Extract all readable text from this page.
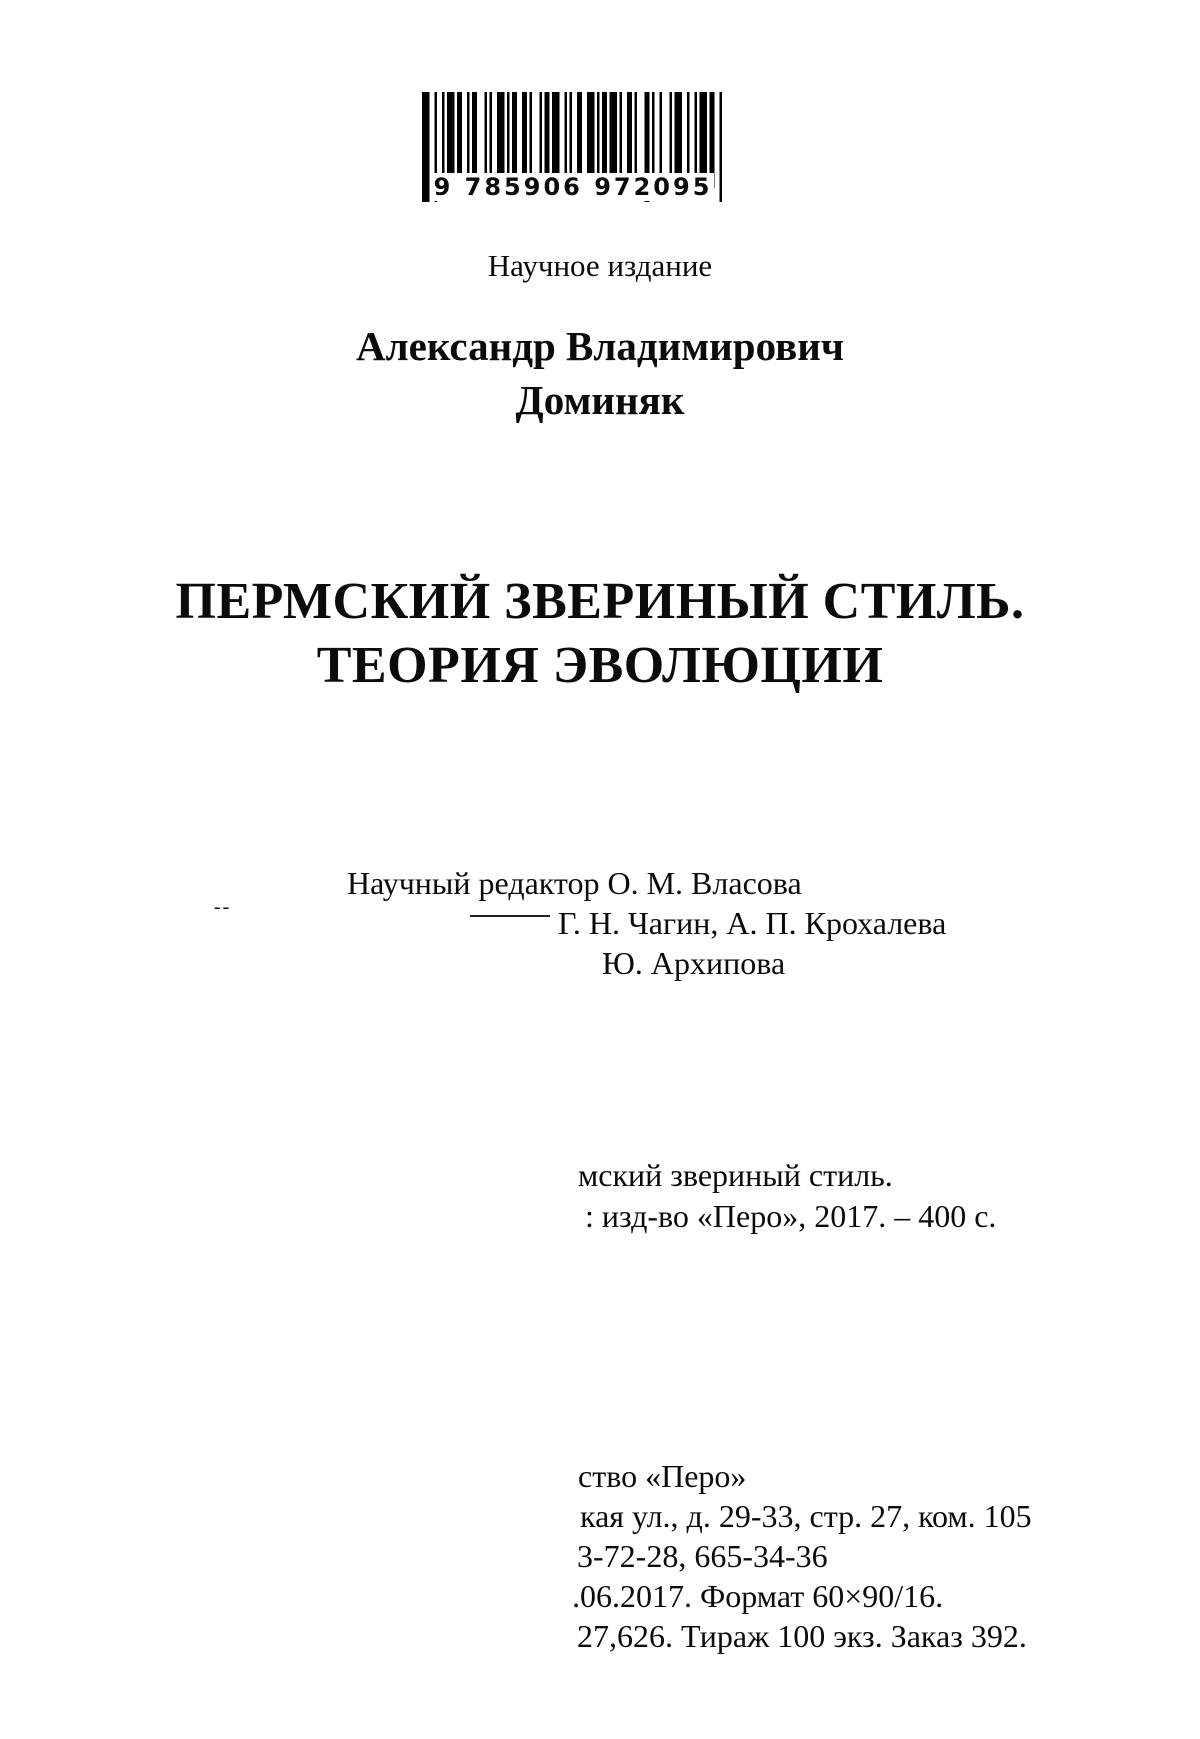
9 785906 972095
Научное издание
Александр Владимирович
Доминяк
ПЕРМСКИЙ ЗВЕРИНЫЙ СТИЛЬ.
ТЕОРИЯ ЭВОЛЮЦИИ
--
Научный редактор О. М. Власова
Г. Н. Чагин, А. П. Крохалева
Ю. Архипова
мский звериный стиль.
: изд-во «Перо», 2017. – 400 с.
ство «Перо»
кая ул., д. 29-33, стр. 27, ком. 105
3-72-28, 665-34-36
.06.2017. Формат 60×90/16.
27,626. Тираж 100 экз. Заказ 392.
